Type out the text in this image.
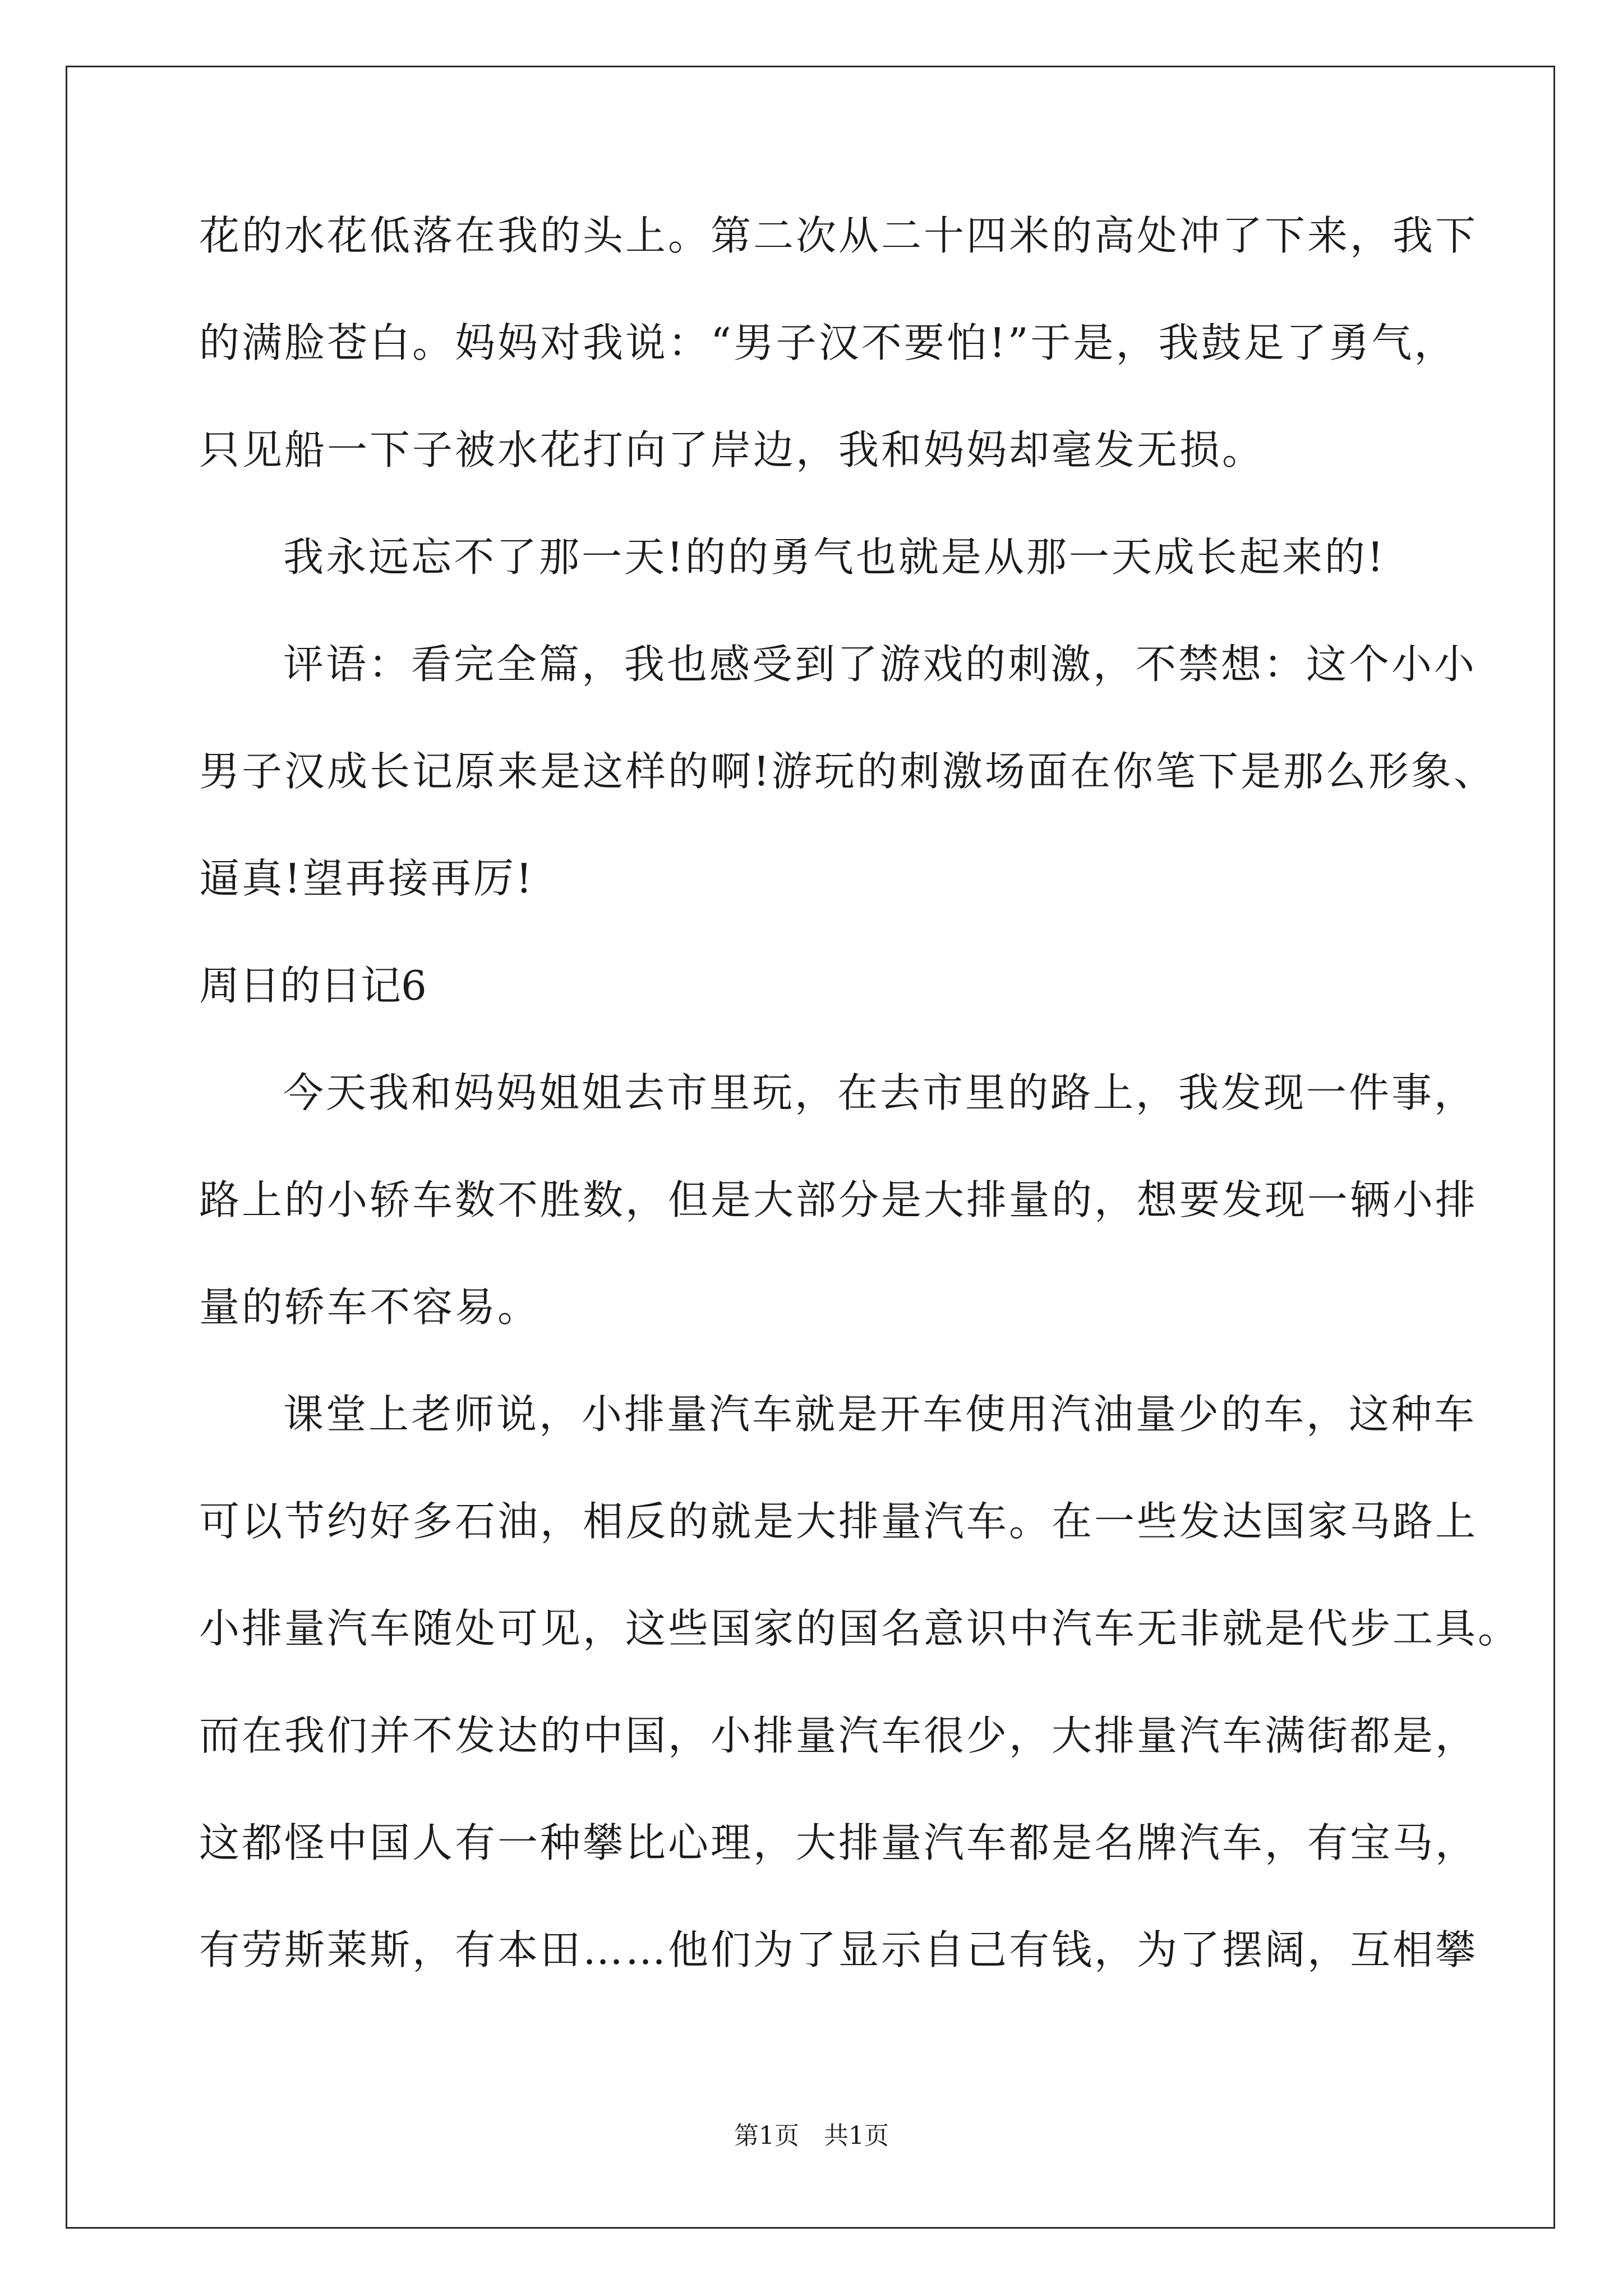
花的水花低落在我的头上。第二次从二十四米的高处冲了下来，我下
的满脸苍白。妈妈对我说：“男子汉不要怕!”于是，我鼓足了勇气，
只见船一下子被水花打向了岸边，我和妈妈却毫发无损。
我永远忘不了那一天!的的勇气也就是从那一天成长起来的!
评语：看完全篇，我也感受到了游戏的刺激，不禁想：这个小小
男子汉成长记原来是这样的啊!游玩的刺激场面在你笔下是那么形象、
逼真!望再接再厉!
周日的日记6
今天我和妈妈姐姐去市里玩，在去市里的路上，我发现一件事，
路上的小轿车数不胜数，但是大部分是大排量的，想要发现一辆小排
量的轿车不容易。
课堂上老师说，小排量汽车就是开车使用汽油量少的车，这种车
可以节约好多石油，相反的就是大排量汽车。在一些发达国家马路上
小排量汽车随处可见，这些国家的国名意识中汽车无非就是代步工具。
而在我们并不发达的中国，小排量汽车很少，大排量汽车满街都是，
这都怪中国人有一种攀比心理，大排量汽车都是名牌汽车，有宝马，
有劳斯莱斯，有本田……他们为了显示自己有钱，为了摆阔，互相攀
第1页　共1页
